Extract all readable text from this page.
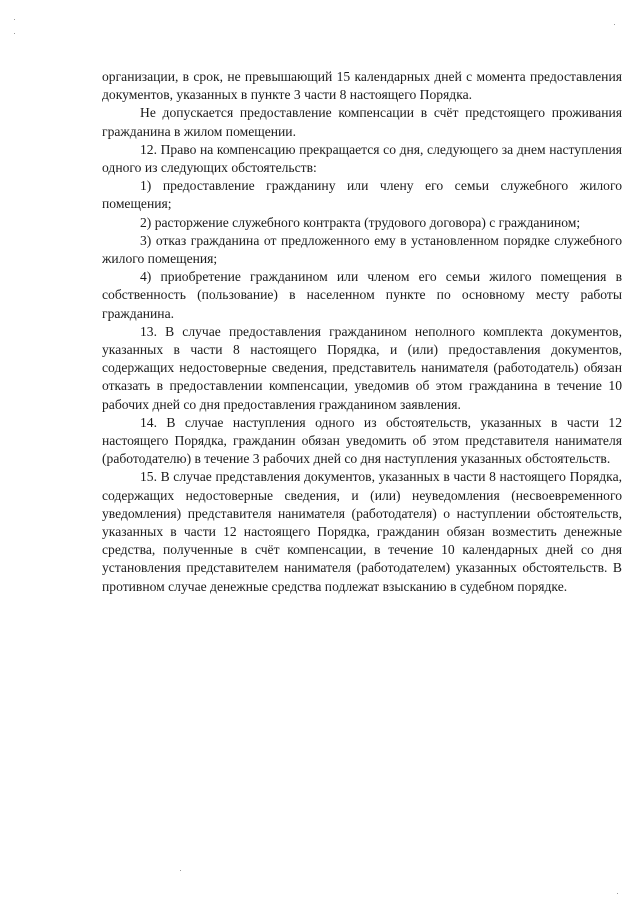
организации, в срок, не превышающий 15 календарных дней с момента предоставления документов, указанных в пункте 3 части 8 настоящего Порядка.

Не допускается предоставление компенсации в счёт предстоящего проживания гражданина в жилом помещении.

12. Право на компенсацию прекращается со дня, следующего за днем наступления одного из следующих обстоятельств:

1) предоставление гражданину или члену его семьи служебного жилого помещения;

2) расторжение служебного контракта (трудового договора) с гражданином;

3) отказ гражданина от предложенного ему в установленном порядке служебного жилого помещения;

4) приобретение гражданином или членом его семьи жилого помещения в собственность (пользование) в населенном пункте по основному месту работы гражданина.

13. В случае предоставления гражданином неполного комплекта документов, указанных в части 8 настоящего Порядка, и (или) предоставления документов, содержащих недостоверные сведения, представитель нанимателя (работодатель) обязан отказать в предоставлении компенсации, уведомив об этом гражданина в течение 10 рабочих дней со дня предоставления гражданином заявления.

14. В случае наступления одного из обстоятельств, указанных в части 12 настоящего Порядка, гражданин обязан уведомить об этом представителя нанимателя (работодателю) в течение 3 рабочих дней со дня наступления указанных обстоятельств.

15. В случае представления документов, указанных в части 8 настоящего Порядка, содержащих недостоверные сведения, и (или) неуведомления (несвоевременного уведомления) представителя нанимателя (работодателя) о наступлении обстоятельств, указанных в части 12 настоящего Порядка, гражданин обязан возместить денежные средства, полученные в счёт компенсации, в течение 10 календарных дней со дня установления представителем нанимателя (работодателем) указанных обстоятельств. В противном случае денежные средства подлежат взысканию в судебном порядке.
